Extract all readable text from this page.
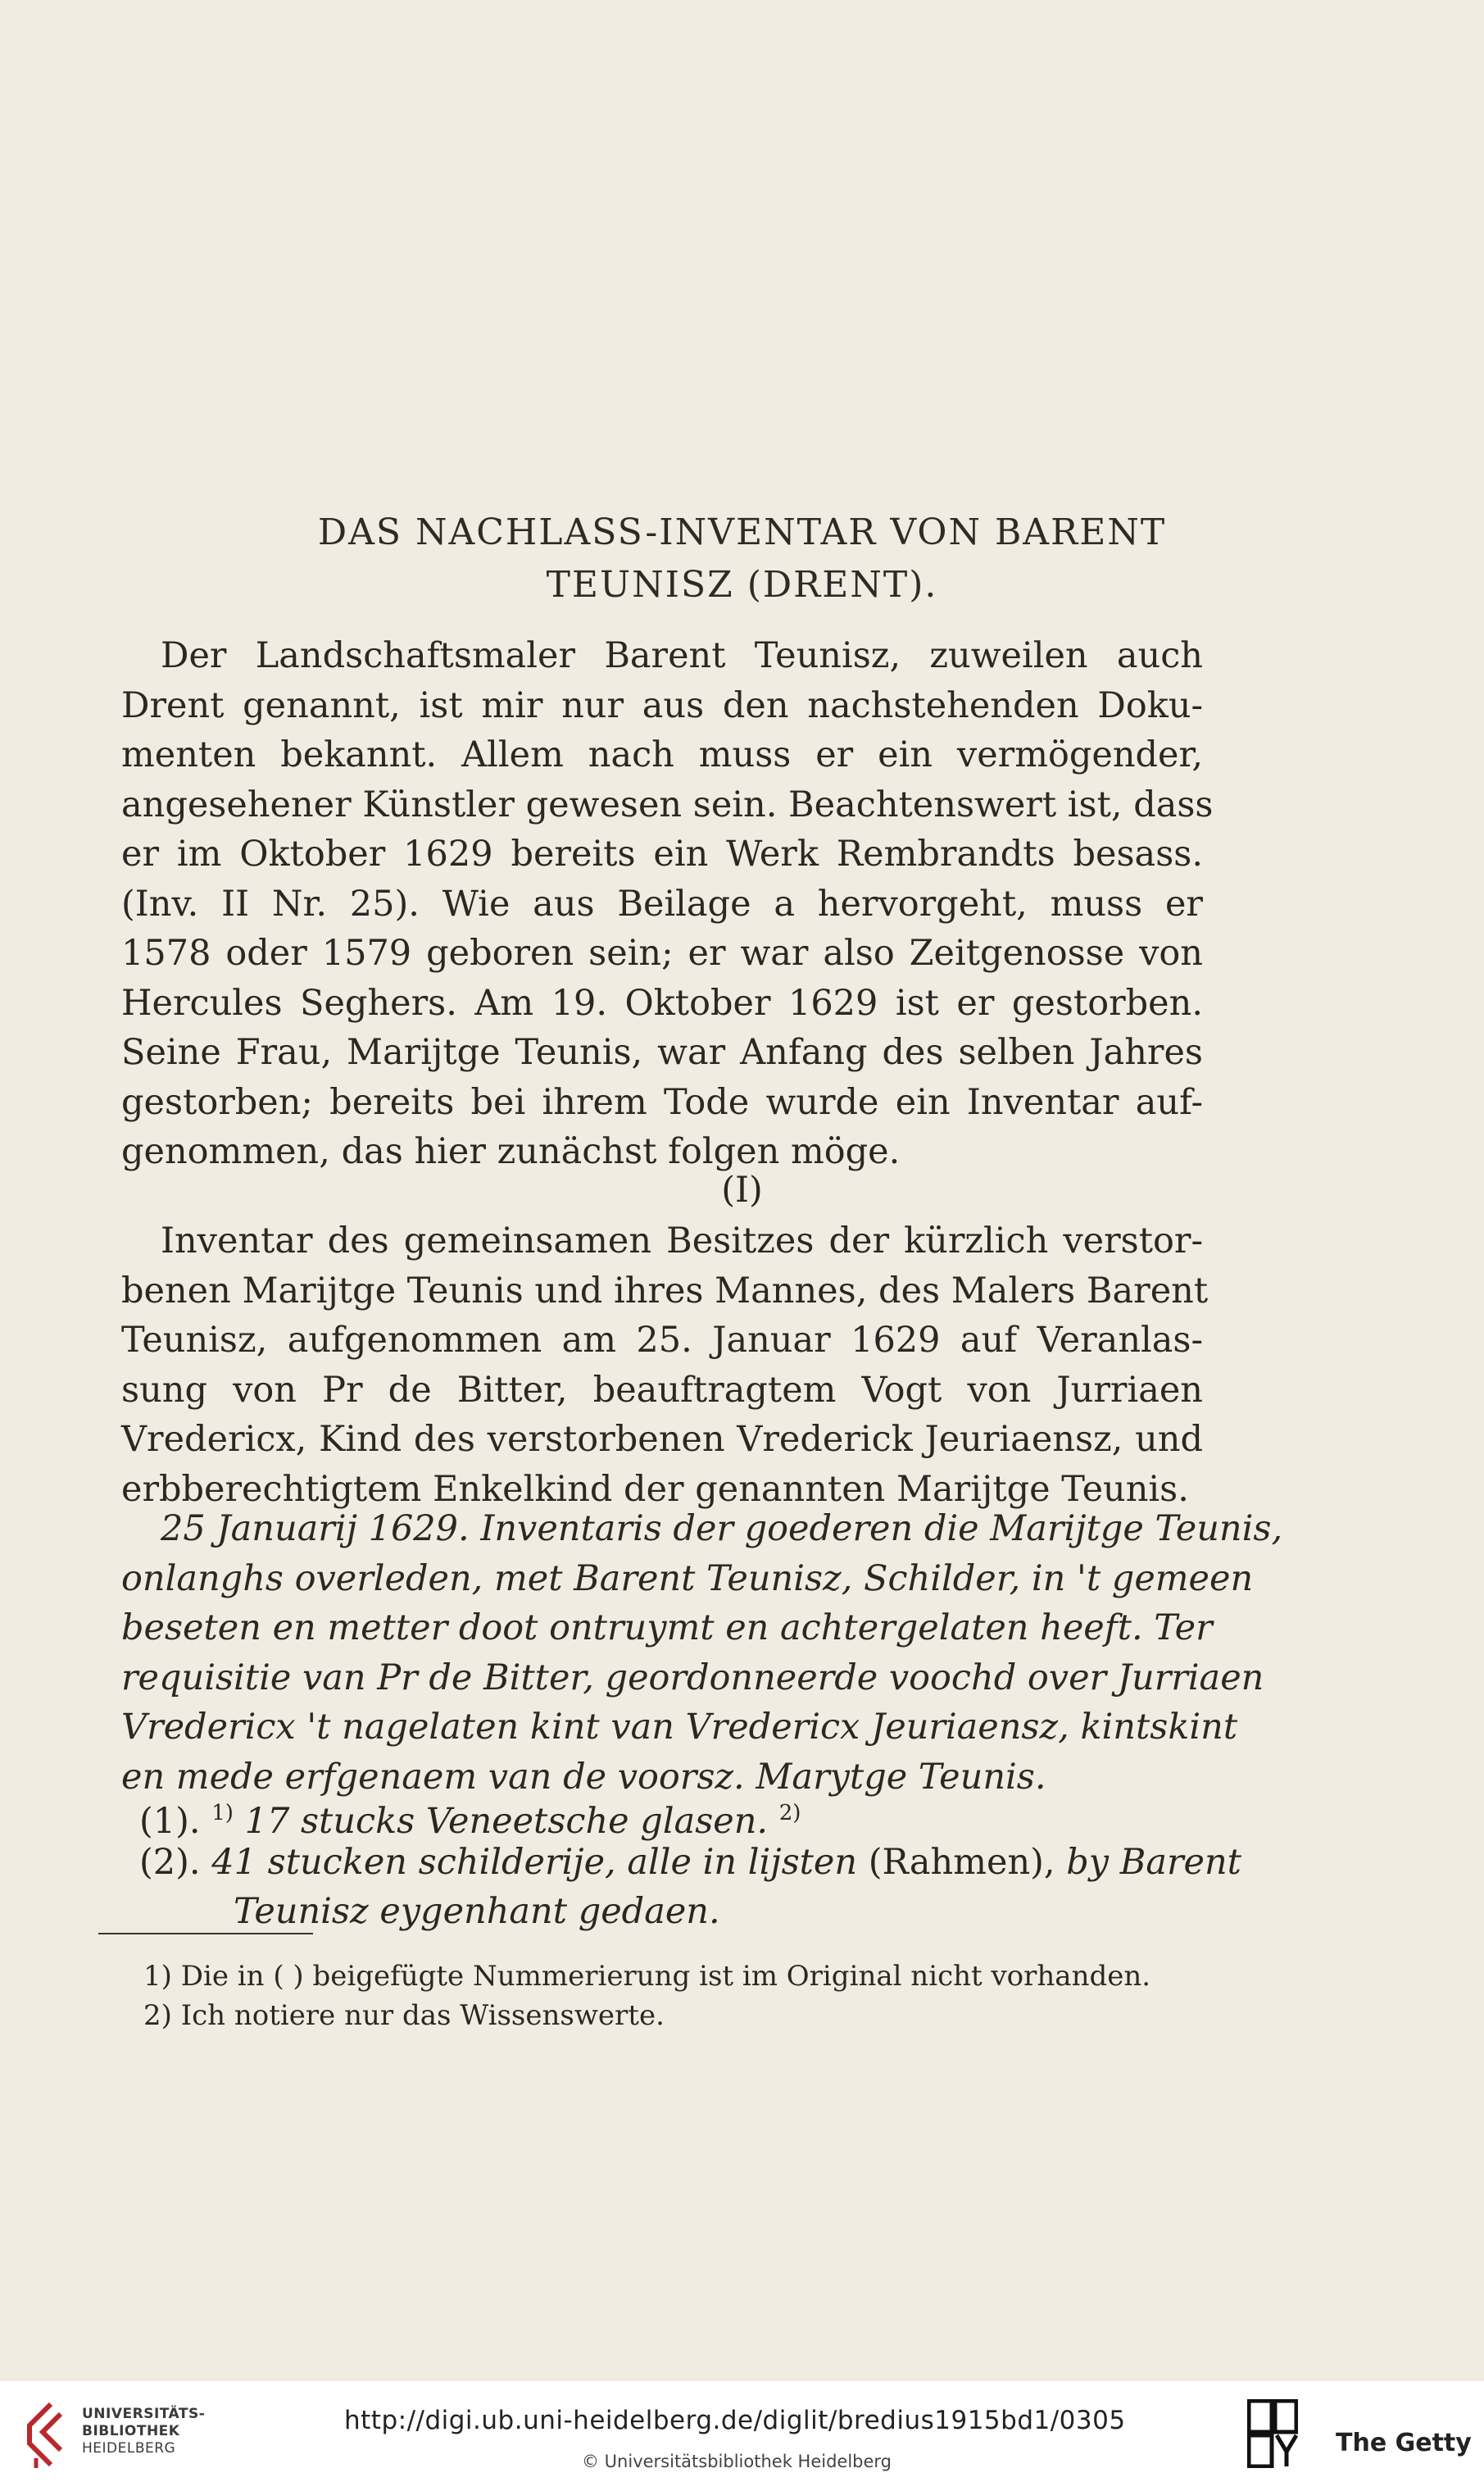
DAS NACHLASS-INVENTAR VON BARENT
TEUNISZ (DRENT).
Der Landschaftsmaler Barent Teunisz, zuweilen auch
Drent genannt, ist mir nur aus den nachstehenden Doku-
menten bekannt. Allem nach muss er ein vermögender,
angesehener Künstler gewesen sein. Beachtenswert ist, dass
er im Oktober 1629 bereits ein Werk Rembrandts besass.
(Inv. II Nr. 25). Wie aus Beilage a hervorgeht, muss er
1578 oder 1579 geboren sein; er war also Zeitgenosse von
Hercules Seghers. Am 19. Oktober 1629 ist er gestorben.
Seine Frau, Marijtge Teunis, war Anfang des selben Jahres
gestorben; bereits bei ihrem Tode wurde ein Inventar auf-
genommen, das hier zunächst folgen möge.
(I)
Inventar des gemeinsamen Besitzes der kürzlich verstor-
benen Marijtge Teunis und ihres Mannes, des Malers Barent
Teunisz, aufgenommen am 25. Januar 1629 auf Veranlas-
sung von Pr de Bitter, beauftragtem Vogt von Jurriaen
Vredericx, Kind des verstorbenen Vrederick Jeuriaensz, und
erbberechtigtem Enkelkind der genannten Marijtge Teunis.
25 Januarij 1629. Inventaris der goederen die Marijtge Teunis,
onlanghs overleden, met Barent Teunisz, Schilder, in 't gemeen
beseten en metter doot ontruymt en achtergelaten heeft. Ter
requisitie van Pr de Bitter, geordonneerde voochd over Jurriaen
Vredericx 't nagelaten kint van Vredericx Jeuriaensz, kintskint
en mede erfgenaem van de voorsz. Marytge Teunis.
(1). $^{1)}$ 17 stucks Veneetsche glasen. $^{2)}$
(2). 41 stucken schilderije, alle in lijsten (Rahmen), by Barent
Teunisz eygenhant gedaen.
1) Die in ( ) beigefügte Nummerierung ist im Original nicht vorhanden.
2) Ich notiere nur das Wissenswerte.
UNIVERSITÄTS-
BIBLIOTHEK
HEIDELBERG
http://digi.ub.uni-heidelberg.de/diglit/bredius1915bd1/0305
© Universitätsbibliothek Heidelberg
The Getty
